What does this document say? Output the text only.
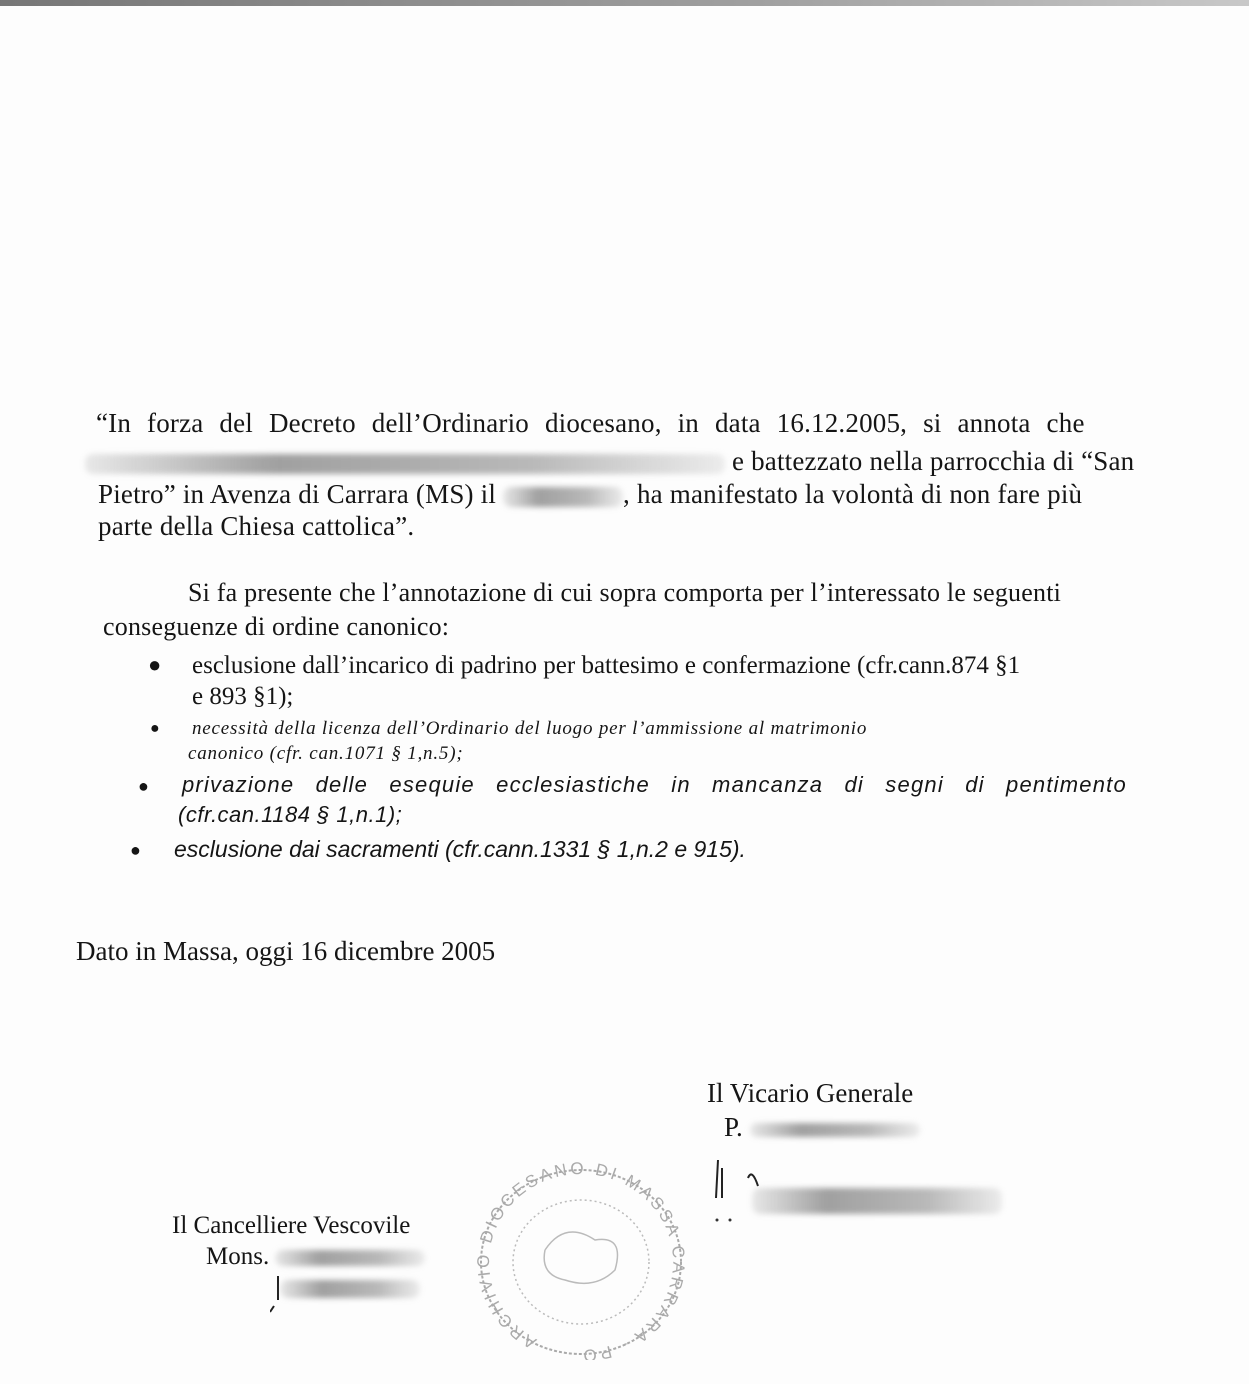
“In forza del Decreto dell’Ordinario diocesano, in data 16.12.2005, si annota che
e battezzato nella parrocchia di “San
Pietro” in Avenza di Carrara (MS) il	, ha manifestato la volontà di non fare più
parte della Chiesa cattolica”.
Si fa presente che l’annotazione di cui sopra comporta per l’interessato le seguenti
conseguenze di ordine canonico:
● esclusione dall’incarico di padrino per battesimo e confermazione (cfr.cann.874 §1
e 893 §1);
● necessità della licenza dell’Ordinario del luogo per l’ammissione al matrimonio
canonico (cfr. can.1071 § 1,n.5);
● privazione delle esequie ecclesiastiche in mancanza di segni di pentimento
(cfr.can.1184 § 1,n.1);
● esclusione dai sacramenti (cfr.cann.1331 § 1,n.2 e 915).
Dato in Massa, oggi 16 dicembre 2005
Il Vicario Generale
P.
Il Cancelliere Vescovile
Mons.
ARCHIVIO DIOCESANO DI MASSA CARRARA - PO
